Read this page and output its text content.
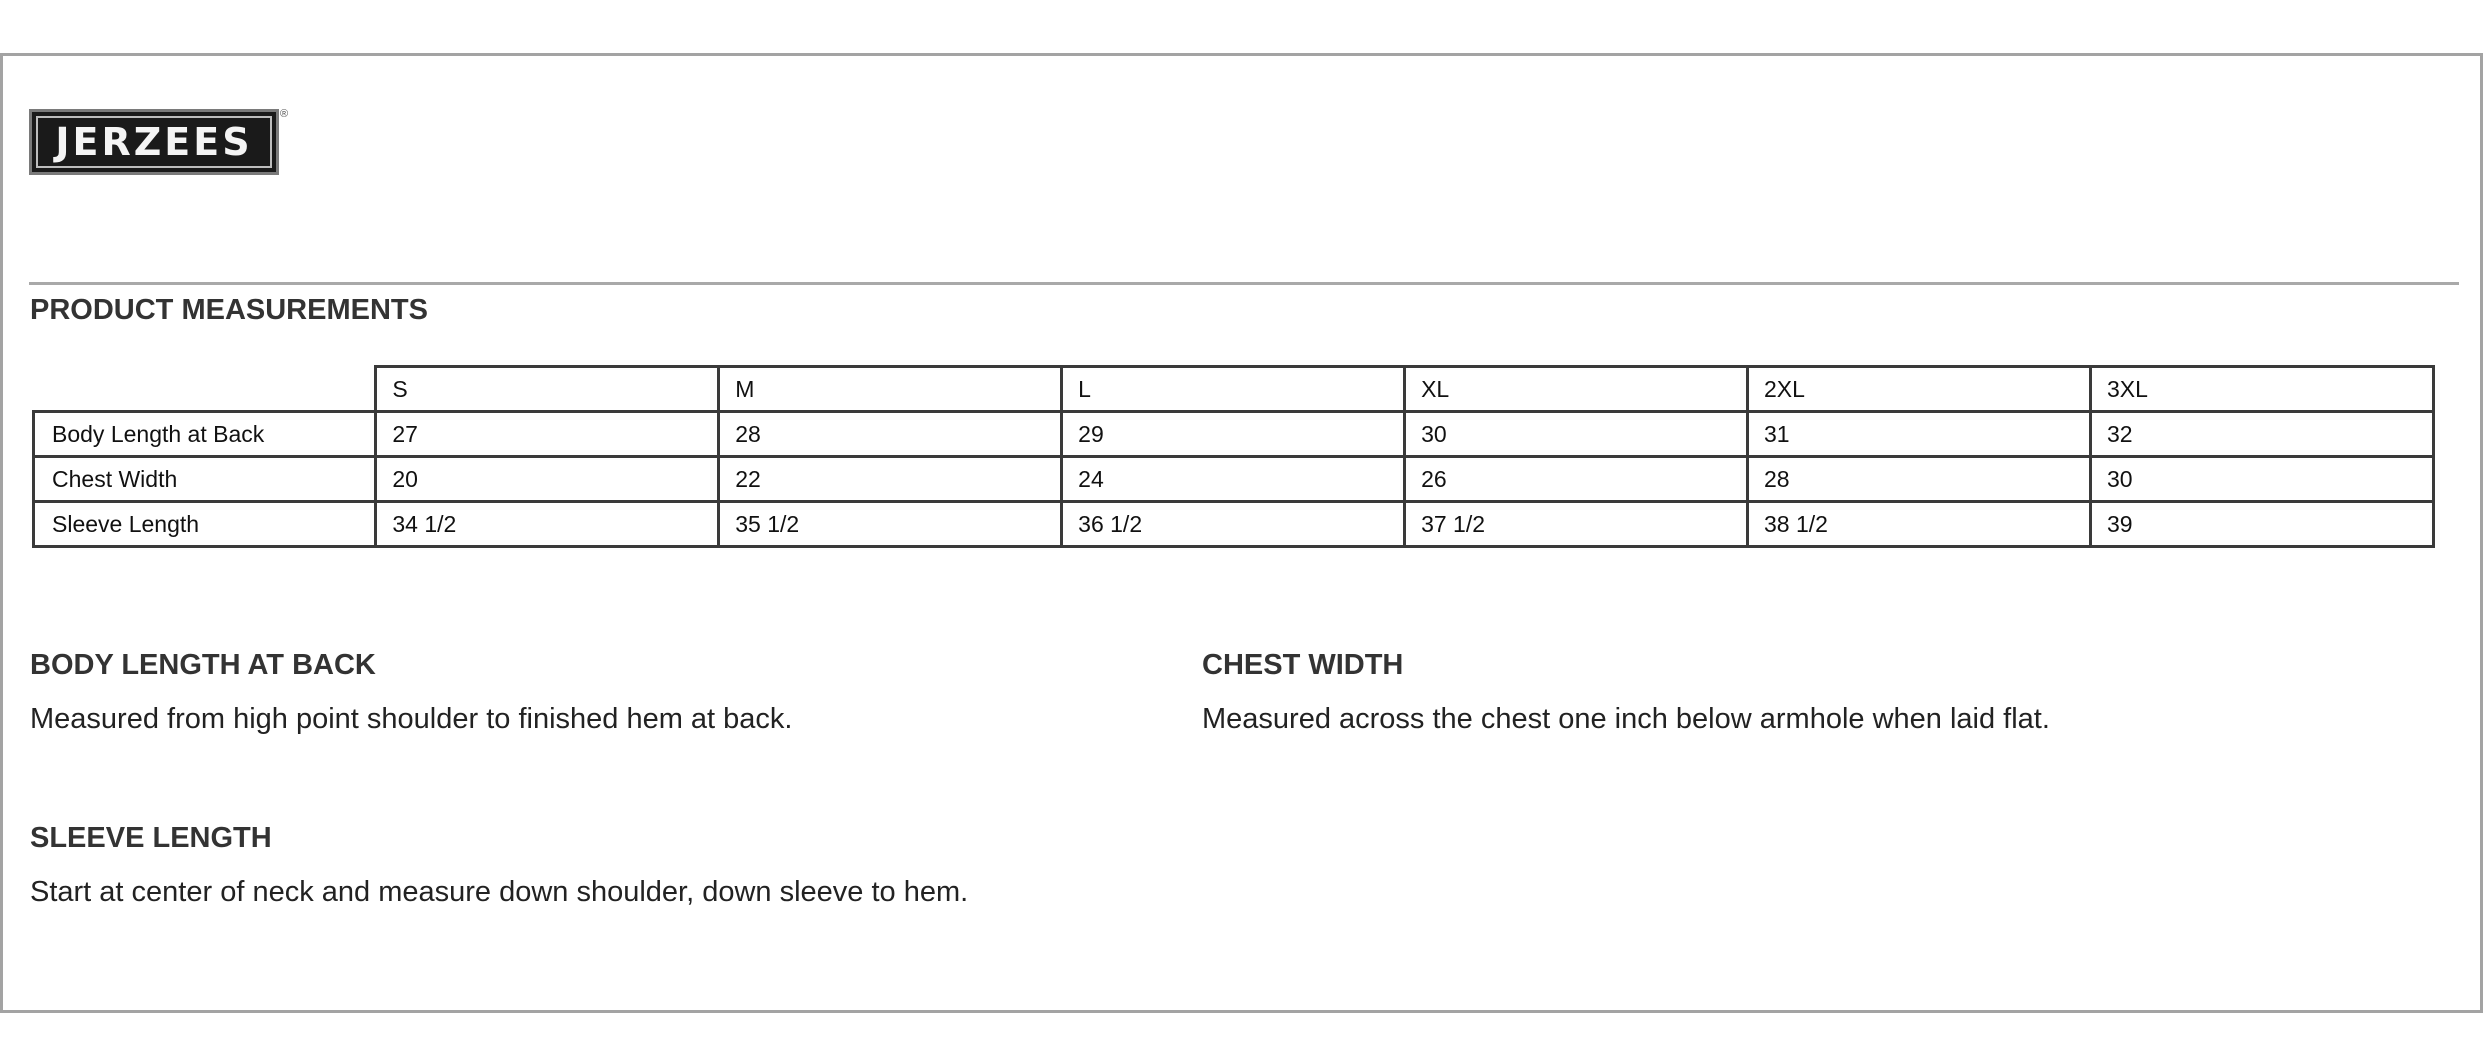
JERZEES
®
PRODUCT MEASUREMENTS
	S	M	L	XL	2XL	3XL
Body Length at Back	27	28	29	30	31	32
Chest Width	20	22	24	26	28	30
Sleeve Length	34 1/2	35 1/2	36 1/2	37 1/2	38 1/2	39
BODY LENGTH AT BACK

Measured from high point shoulder to finished hem at back.

CHEST WIDTH

Measured across the chest one inch below armhole when laid flat.

SLEEVE LENGTH

Start at center of neck and measure down shoulder, down sleeve to hem.
